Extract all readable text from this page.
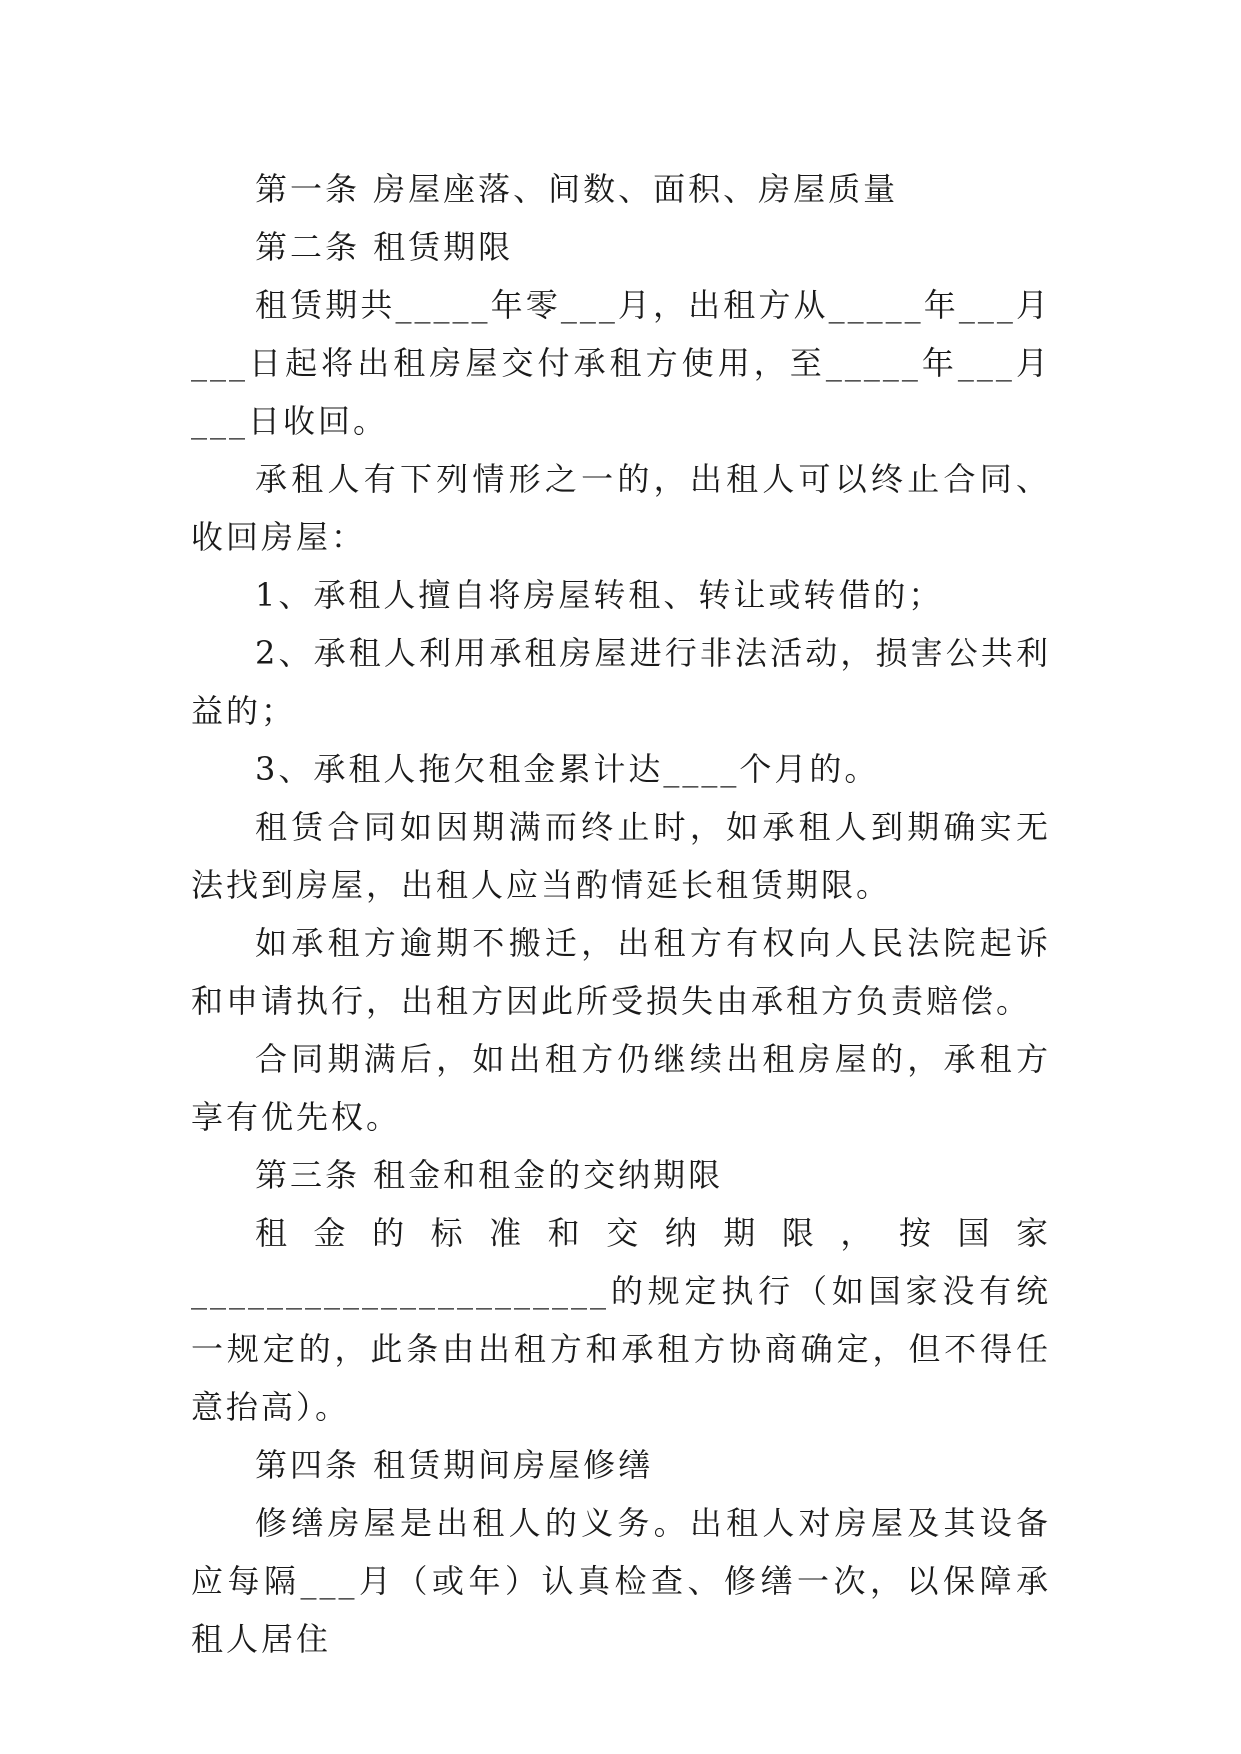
第一条 房屋座落、间数、面积、房屋质量

第二条 租赁期限

租赁期共_____年零___月，出租方从_____年___月___日起将出租房屋交付承租方使用，至_____年___月___日收回。

承租人有下列情形之一的，出租人可以终止合同、收回房屋：

1、承租人擅自将房屋转租、转让或转借的；

2、承租人利用承租房屋进行非法活动，损害公共利益的；

3、承租人拖欠租金累计达____个月的。

租赁合同如因期满而终止时，如承租人到期确实无法找到房屋，出租人应当酌情延长租赁期限。

如承租方逾期不搬迁，出租方有权向人民法院起诉和申请执行，出租方因此所受损失由承租方负责赔偿。

合同期满后，如出租方仍继续出租房屋的，承租方享有优先权。

第三条 租金和租金的交纳期限

租金的标准和交纳期限，按国家______________________的规定执行（如国家没有统一规定的，此条由出租方和承租方协商确定，但不得任意抬高）。

第四条 租赁期间房屋修缮

修缮房屋是出租人的义务。出租人对房屋及其设备应每隔___月（或年）认真检查、修缮一次，以保障承租人居住
